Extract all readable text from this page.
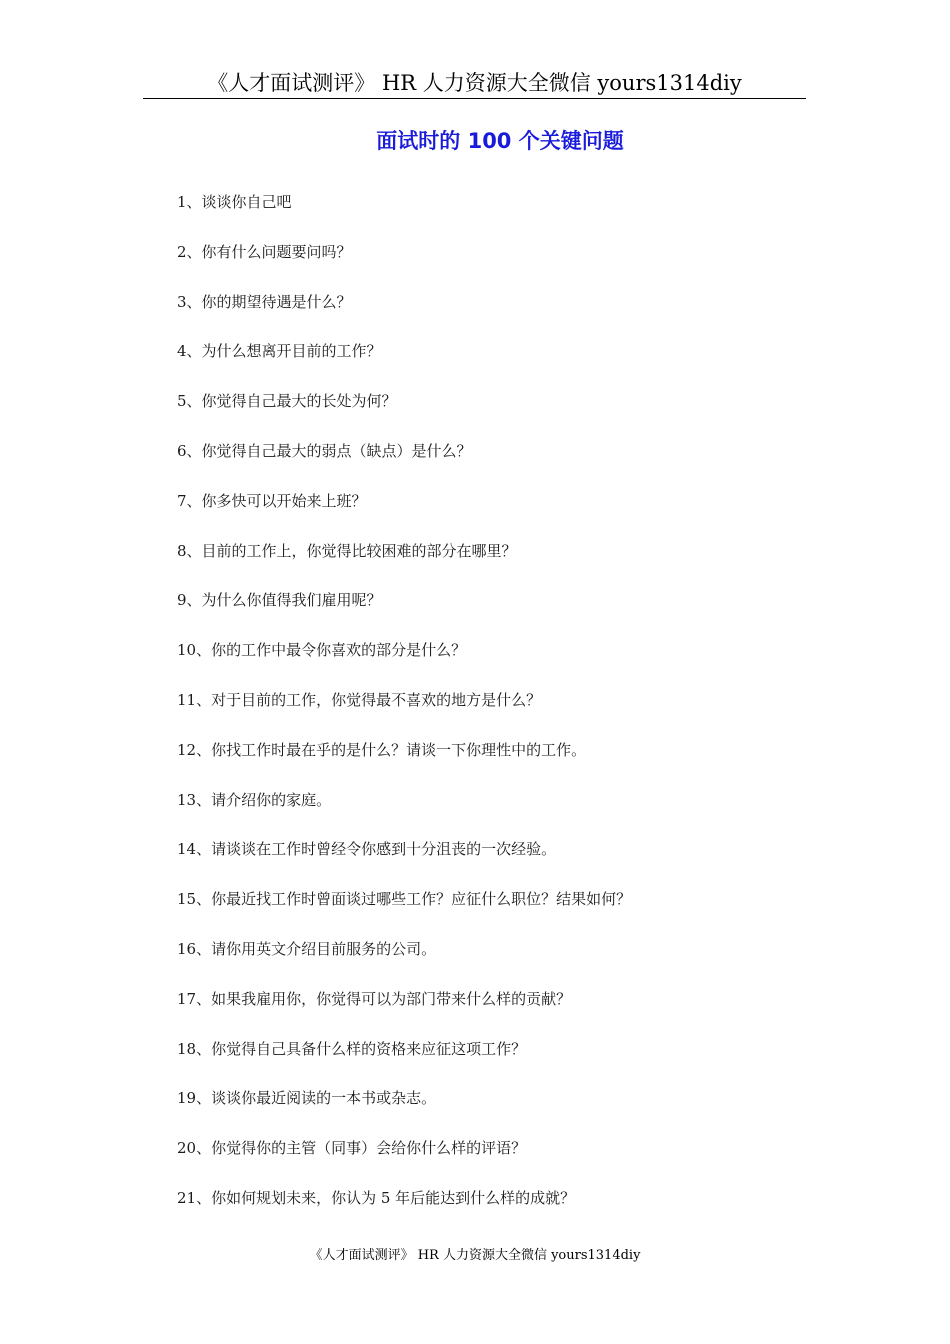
《人才面试测评》 HR 人力资源大全微信 yours1314diy
面试时的 100 个关键问题
1、谈谈你自己吧
2、你有什么问题要问吗？
3、你的期望待遇是什么？
4、为什么想离开目前的工作？
5、你觉得自己最大的长处为何？
6、你觉得自己最大的弱点（缺点）是什么？
7、你多快可以开始来上班？
8、目前的工作上，你觉得比较困难的部分在哪里？
9、为什么你值得我们雇用呢？
10、你的工作中最令你喜欢的部分是什么？
11、对于目前的工作，你觉得最不喜欢的地方是什么？
12、你找工作时最在乎的是什么？请谈一下你理性中的工作。
13、请介绍你的家庭。
14、请谈谈在工作时曾经令你感到十分沮丧的一次经验。
15、你最近找工作时曾面谈过哪些工作？应征什么职位？结果如何？
16、请你用英文介绍目前服务的公司。
17、如果我雇用你，你觉得可以为部门带来什么样的贡献？
18、你觉得自己具备什么样的资格来应征这项工作？
19、谈谈你最近阅读的一本书或杂志。
20、你觉得你的主管（同事）会给你什么样的评语？
21、你如何规划未来，你认为 5 年后能达到什么样的成就？
《人才面试测评》 HR 人力资源大全微信 yours1314diy
